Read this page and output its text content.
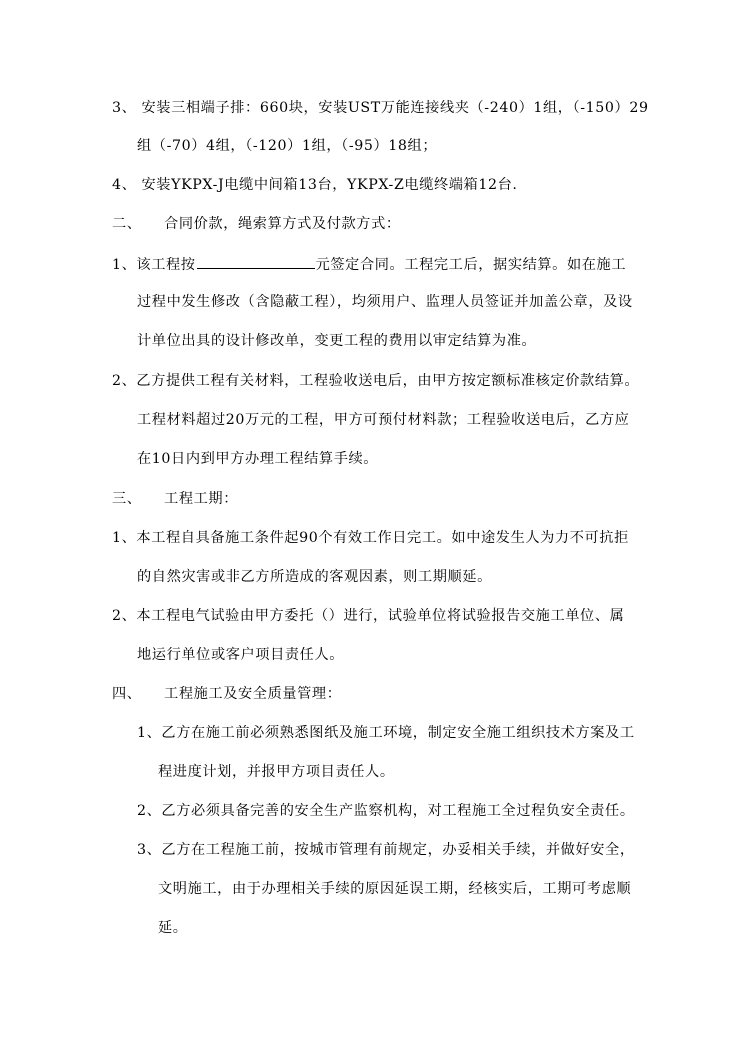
3、 安装三相端子排：660块，安装UST万能连接线夹（-240）1组，（-150）29
组（-70）4组，（-120）1组，（-95）18组；
4、 安装YKPX-J电缆中间箱13台，YKPX-Z电缆终端箱12台.
二、　　合同价款，绳索算方式及付款方式：
1、该工程按	元签定合同。工程完工后，据实结算。如在施工
过程中发生修改（含隐蔽工程），均须用户、监理人员签证并加盖公章，及设
计单位出具的设计修改单，变更工程的费用以审定结算为准。
2、乙方提供工程有关材料，工程验收送电后，由甲方按定额标准核定价款结算。
工程材料超过20万元的工程，甲方可预付材料款；工程验收送电后，乙方应
在10日内到甲方办理工程结算手续。
三、　　工程工期：
1、本工程自具备施工条件起90个有效工作日完工。如中途发生人为力不可抗拒
的自然灾害或非乙方所造成的客观因素，则工期顺延。
2、本工程电气试验由甲方委托（）进行，试验单位将试验报告交施工单位、属
地运行单位或客户项目责任人。
四、　　工程施工及安全质量管理：
1、乙方在施工前必须熟悉图纸及施工环境，制定安全施工组织技术方案及工
程进度计划，并报甲方项目责任人。
2、乙方必须具备完善的安全生产监察机构，对工程施工全过程负安全责任。
3、乙方在工程施工前，按城市管理有前规定，办妥相关手续，并做好安全，
文明施工，由于办理相关手续的原因延误工期，经核实后，工期可考虑顺
延。
